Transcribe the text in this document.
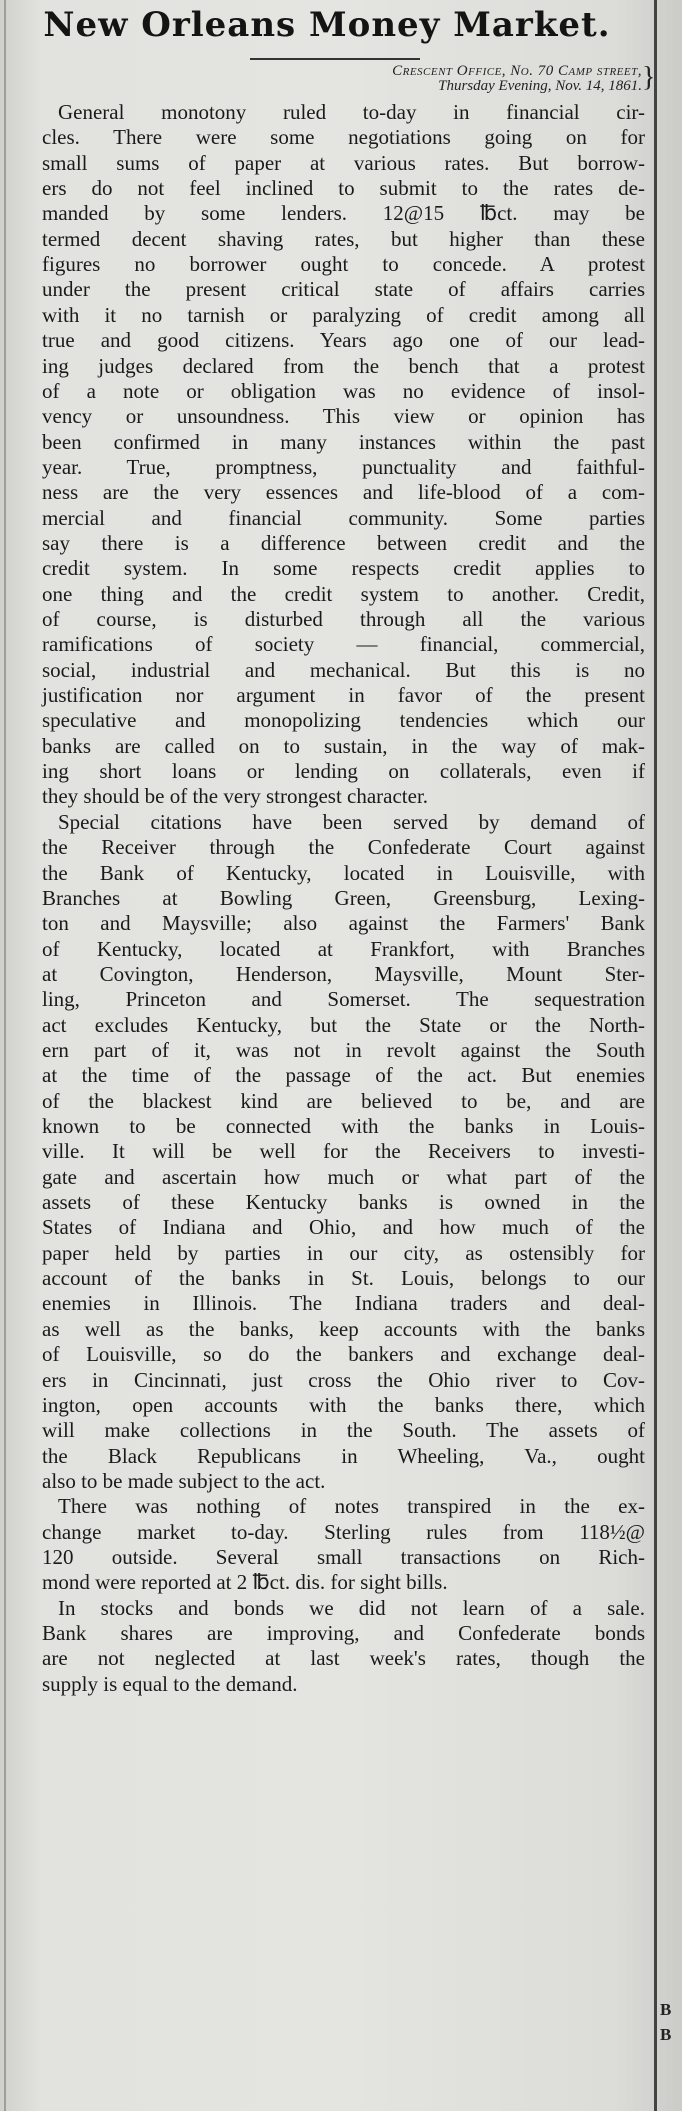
New Orleans Money Market.
Crescent Office, No. 70 Camp street,
Thursday Evening, Nov. 14, 1861. }
General monotony ruled to-day in financial cir-
cles. There were some negotiations going on for
small sums of paper at various rates. But borrow-
ers do not feel inclined to submit to the rates de-
manded by some lenders. 12@15 ℔ct. may be
termed decent shaving rates, but higher than these
figures no borrower ought to concede. A protest
under the present critical state of affairs carries
with it no tarnish or paralyzing of credit among all
true and good citizens. Years ago one of our lead-
ing judges declared from the bench that a protest
of a note or obligation was no evidence of insol-
vency or unsoundness. This view or opinion has
been confirmed in many instances within the past
year. True, promptness, punctuality and faithful-
ness are the very essences and life-blood of a com-
mercial and financial community. Some parties
say there is a difference between credit and the
credit system. In some respects credit applies to
one thing and the credit system to another. Credit,
of course, is disturbed through all the various
ramifications of society — financial, commercial,
social, industrial and mechanical. But this is no
justification nor argument in favor of the present
speculative and monopolizing tendencies which our
banks are called on to sustain, in the way of mak-
ing short loans or lending on collaterals, even if
they should be of the very strongest character.
Special citations have been served by demand of
the Receiver through the Confederate Court against
the Bank of Kentucky, located in Louisville, with
Branches at Bowling Green, Greensburg, Lexing-
ton and Maysville; also against the Farmers' Bank
of Kentucky, located at Frankfort, with Branches
at Covington, Henderson, Maysville, Mount Ster-
ling, Princeton and Somerset. The sequestration
act excludes Kentucky, but the State or the North-
ern part of it, was not in revolt against the South
at the time of the passage of the act. But enemies
of the blackest kind are believed to be, and are
known to be connected with the banks in Louis-
ville. It will be well for the Receivers to investi-
gate and ascertain how much or what part of the
assets of these Kentucky banks is owned in the
States of Indiana and Ohio, and how much of the
paper held by parties in our city, as ostensibly for
account of the banks in St. Louis, belongs to our
enemies in Illinois. The Indiana traders and deal-
as well as the banks, keep accounts with the banks
of Louisville, so do the bankers and exchange deal-
ers in Cincinnati, just cross the Ohio river to Cov-
ington, open accounts with the banks there, which
will make collections in the South. The assets of
the Black Republicans in Wheeling, Va., ought
also to be made subject to the act.
There was nothing of notes transpired in the ex-
change market to-day. Sterling rules from 118½@
120 outside. Several small transactions on Rich-
mond were reported at 2 ℔ct. dis. for sight bills.
In stocks and bonds we did not learn of a sale.
Bank shares are improving, and Confederate bonds
are not neglected at last week's rates, though the
supply is equal to the demand.
B
B
